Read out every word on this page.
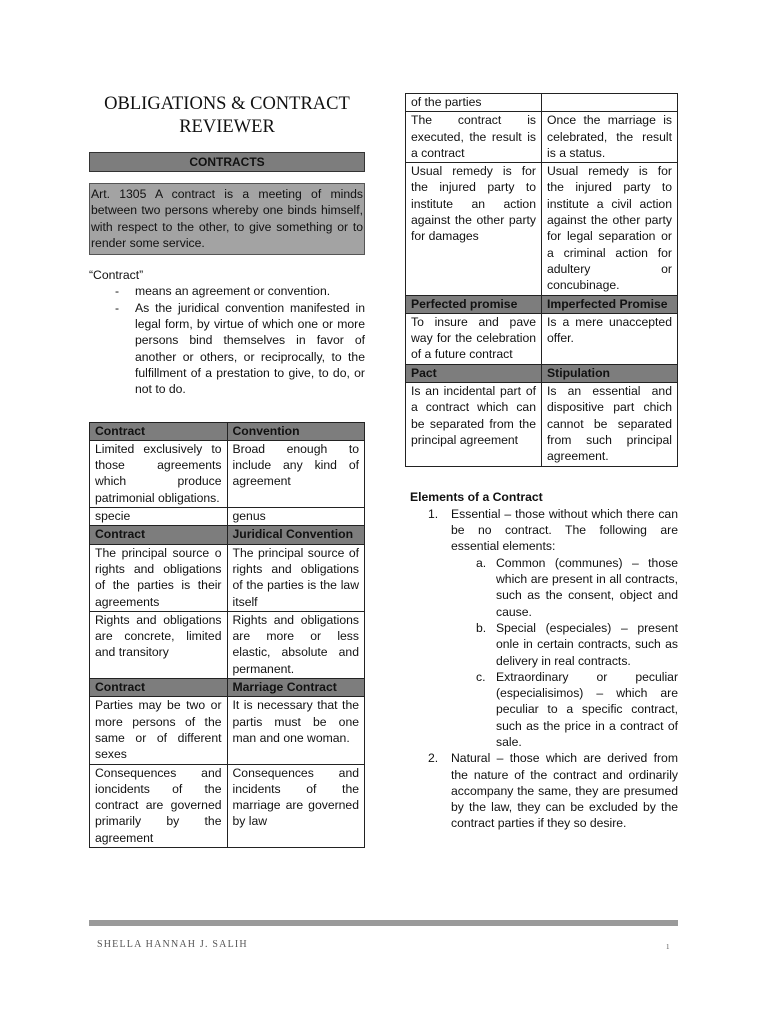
OBLIGATIONS & CONTRACT
REVIEWER
CONTRACTS
Art. 1305 A contract is a meeting of minds between two persons whereby one binds himself, with respect to the other, to give something or to render some service.
“Contract”
- means an agreement or convention.
- As the juridical convention manifested in legal form, by virtue of which one or more persons bind themselves in favor of another or others, or reciprocally, to the fulfillment of a prestation to give, to do, or not to do.
Contract	Convention
Limited exclusively to those agreements which produce patrimonial obligations.	Broad enough to include any kind of agreement
specie	genus
Contract	Juridical Convention
The principal source o rights and obligations of the parties is their agreements	The principal source of rights and obligations of the parties is the law itself
Rights and obligations are concrete, limited and transitory	Rights and obligations are more or less elastic, absolute and permanent.
Contract	Marriage Contract
Parties may be two or more persons of the same or of different sexes	It is necessary that the partis must be one man and one woman.
Consequences and ioncidents of the contract are governed primarily by the agreement	Consequences and incidents of the marriage are governed by law
of the parties	
The contract is executed, the result is a contract	Once the marriage is celebrated, the result is a status.
Usual remedy is for the injured party to institute an action against the other party for damages	Usual remedy is for the injured party to institute a civil action against the other party for legal separation or a criminal action for adultery or concubinage.
Perfected promise	Imperfected Promise
To insure and pave way for the celebration of a future contract	Is a mere unaccepted offer.
Pact	Stipulation
Is an incidental part of a contract which can be separated from the principal agreement	Is an essential and dispositive part chich cannot be separated from such principal agreement.
Elements of a Contract
1. Essential – those without which there can be no contract. The following are essential elements:
a. Common (communes) – those which are present in all contracts, such as the consent, object and cause.
b. Special (especiales) – present onle in certain contracts, such as delivery in real contracts.
c. Extraordinary or peculiar (especialisimos) – which are peculiar to a specific contract, such as the price in a contract of sale.
2. Natural – those which are derived from the nature of the contract and ordinarily accompany the same, they are presumed by the law, they can be excluded by the contract parties if they so desire.
SHELLA HANNAH J. SALIH	1
